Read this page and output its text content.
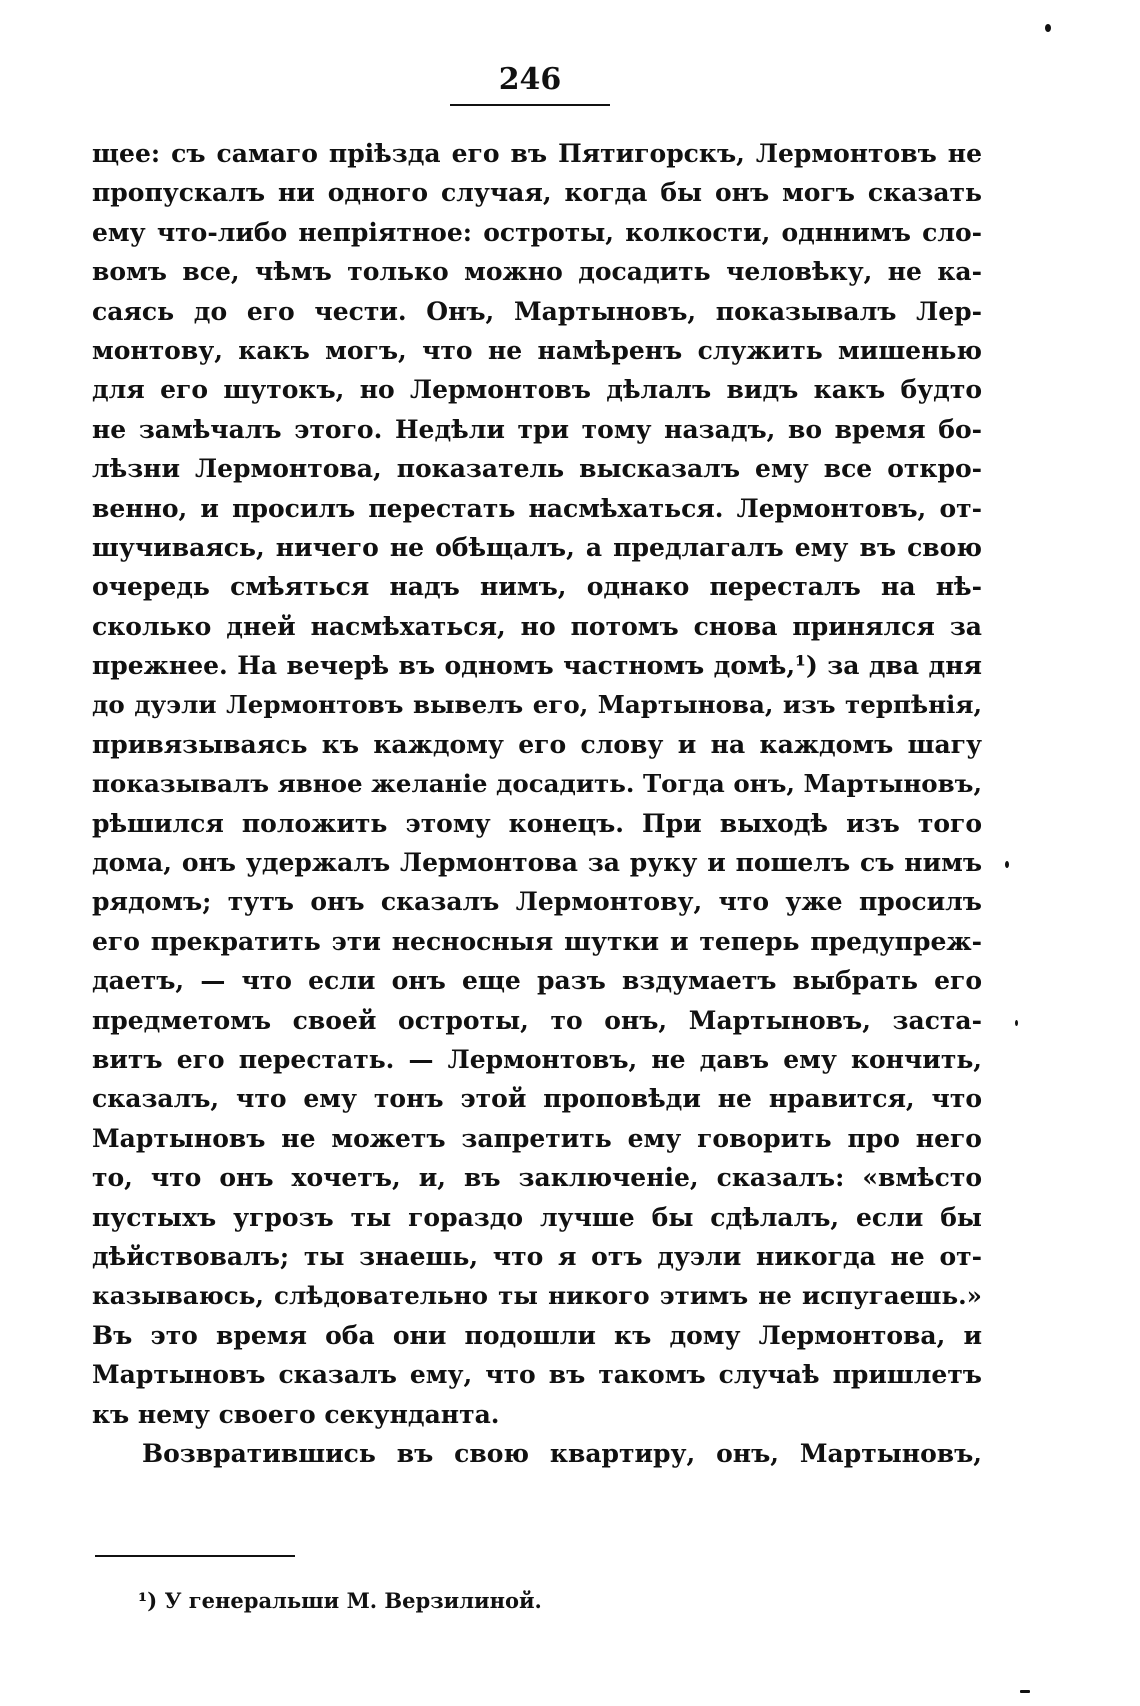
246
щее: съ самаго пріѣзда его въ Пятигорскъ, Лермонтовъ не
пропускалъ ни одного случая, когда бы онъ могъ сказать
ему что-либо непріятное: остроты, колкости, одннимъ сло-
вомъ все, чѣмъ только можно досадить человѣку, не ка-
саясь до его чести. Онъ, Мартыновъ, показывалъ Лер-
монтову, какъ могъ, что не намѣренъ служить мишенью
для его шутокъ, но Лермонтовъ дѣлалъ видъ какъ будто
не замѣчалъ этого. Недѣли три тому назадъ, во время бо-
лѣзни Лермонтова, показатель высказалъ ему все откро-
венно, и просилъ перестать насмѣхаться. Лермонтовъ, от-
шучиваясь, ничего не обѣщалъ, а предлагалъ ему въ свою
очередь смѣяться надъ нимъ, однако пересталъ на нѣ-
сколько дней насмѣхаться, но потомъ снова принялся за
прежнее. На вечерѣ въ одномъ частномъ домѣ,¹) за два дня
до дуэли Лермонтовъ вывелъ его, Мартынова, изъ терпѣнія,
привязываясь къ каждому его слову и на каждомъ шагу
показывалъ явное желаніе досадить. Тогда онъ, Мартыновъ,
рѣшился положить этому конецъ. При выходѣ изъ того
дома, онъ удержалъ Лермонтова за руку и пошелъ съ нимъ
рядомъ; тутъ онъ сказалъ Лермонтову, что уже просилъ
его прекратить эти несносныя шутки и теперь предупреж-
даетъ, — что если онъ еще разъ вздумаетъ выбрать его
предметомъ своей остроты, то онъ, Мартыновъ, заста-
витъ его перестать. — Лермонтовъ, не давъ ему кончить,
сказалъ, что ему тонъ этой проповѣди не нравится, что
Мартыновъ не можетъ запретить ему говорить про него
то, что онъ хочетъ, и, въ заключеніе, сказалъ: «вмѣсто
пустыхъ угрозъ ты гораздо лучше бы сдѣлалъ, если бы
дѣйствовалъ; ты знаешь, что я отъ дуэли никогда не от-
казываюсь, слѣдовательно ты никого этимъ не испугаешь.»
Въ это время оба они подошли къ дому Лермонтова, и
Мартыновъ сказалъ ему, что въ такомъ случаѣ пришлетъ
къ нему своего секунданта.
Возвратившись въ свою квартиру, онъ, Мартыновъ,
¹) У генеральши М. Верзилиной.
